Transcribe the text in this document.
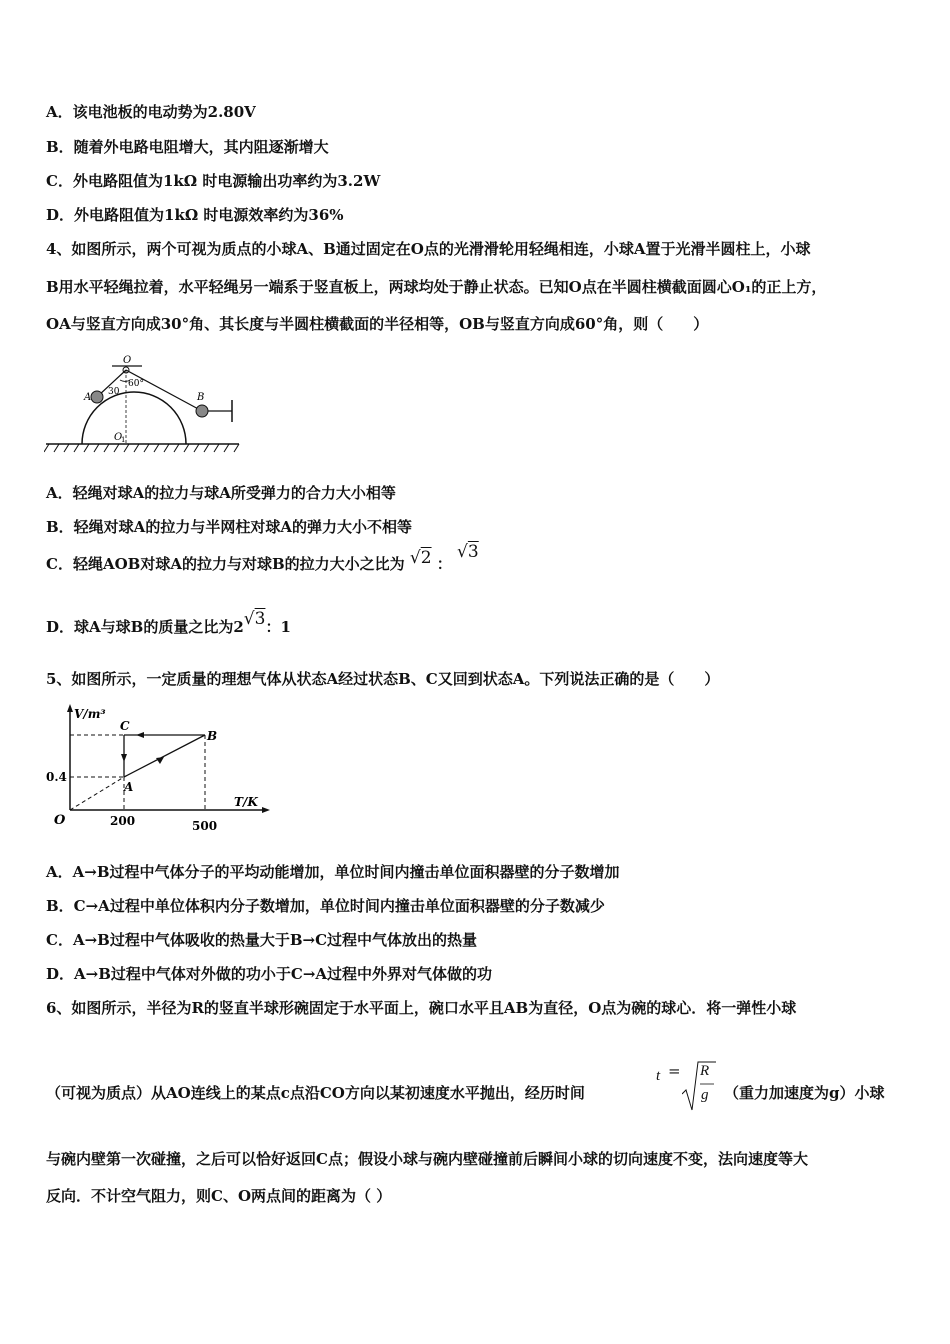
A．该电池板的电动势为2.80V
B．随着外电路电阻增大，其内阻逐渐增大
C．外电路阻值为1kΩ 时电源输出功率约为3.2W
D．外电路阻值为1kΩ 时电源效率约为36%
4、如图所示，两个可视为质点的小球A、B通过固定在O点的光滑滑轮用轻绳相连，小球A置于光滑半圆柱上，小球
B用水平轻绳拉着，水平轻绳另一端系于竖直板上，两球均处于静止状态。已知O点在半圆柱横截面圆心O₁的正上方，
OA与竖直方向成30°角、其长度与半圆柱横截面的半径相等，OB与竖直方向成60°角，则（　　）
O
A	B
30
60°
O
1
A．轻绳对球A的拉力与球A所受弹力的合力大小相等
B．轻绳对球A的拉力与半网柱对球A的弹力大小不相等
C．轻绳AOB对球A的拉力与对球B的拉力大小之比为 √2 ： √3
D．球A与球B的质量之比为2√3：1
5、如图所示，一定质量的理想气体从状态A经过状态B、C又回到状态A。下列说法正确的是（　　）
V/m³
T/K
O
0.4
200	500
A
B
C
A．A→B过程中气体分子的平均动能增加，单位时间内撞击单位面积器壁的分子数增加
B．C→A过程中单位体积内分子数增加，单位时间内撞击单位面积器壁的分子数减少
C．A→B过程中气体吸收的热量大于B→C过程中气体放出的热量
D．A→B过程中气体对外做的功小于C→A过程中外界对气体做的功
6、如图所示，半径为R的竖直半球形碗固定于水平面上，碗口水平且AB为直径，O点为碗的球心．将一弹性小球
（可视为质点）从AO连线上的某点c点沿CO方向以某初速度水平抛出，经历时间
t = R
g （重力加速度为g）小球
与碗内壁第一次碰撞，之后可以恰好返回C点；假设小球与碗内壁碰撞前后瞬间小球的切向速度不变，法向速度等大
反向．不计空气阻力，则C、O两点间的距离为（ ）
